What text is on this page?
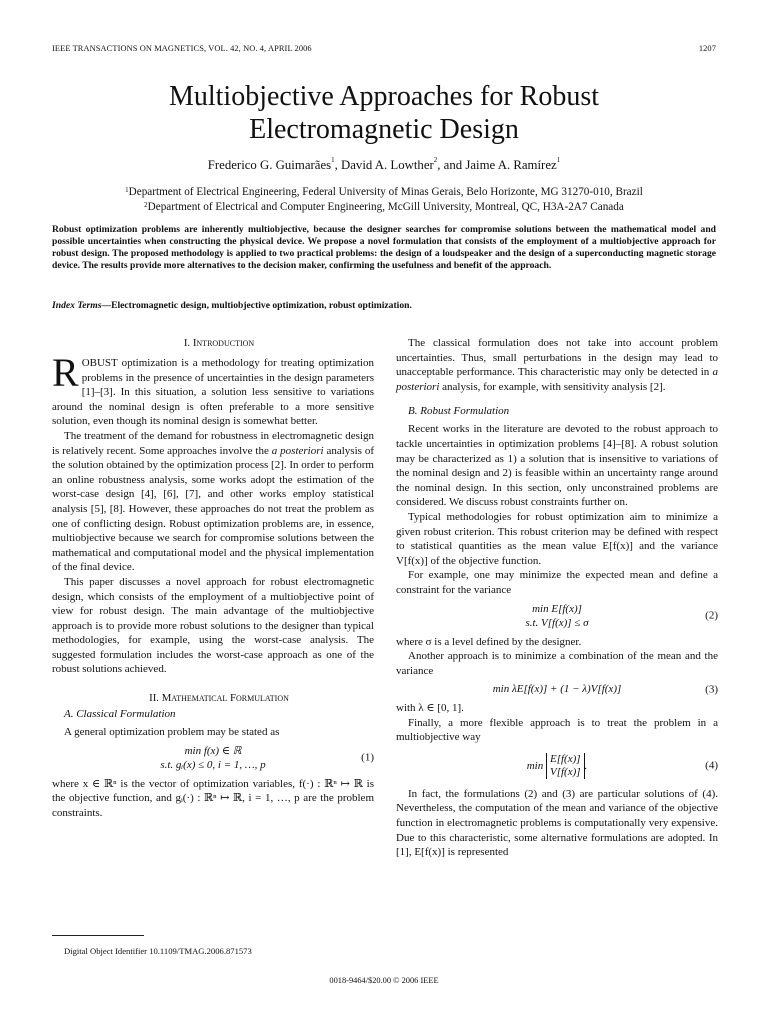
IEEE TRANSACTIONS ON MAGNETICS, VOL. 42, NO. 4, APRIL 2006	1207
Multiobjective Approaches for Robust
Electromagnetic Design
Frederico G. Guimarães$^1$, David A. Lowther$^2$, and Jaime A. Ramírez$^1$
$^1$Department of Electrical Engineering, Federal University of Minas Gerais, Belo Horizonte, MG 31270-010, Brazil
$^2$Department of Electrical and Computer Engineering, McGill University, Montreal, QC, H3A-2A7 Canada
Robust optimization problems are inherently multiobjective, because the designer searches for compromise solutions between the mathematical model and possible uncertainties when constructing the physical device. We propose a novel formulation that consists of the employment of a multiobjective approach for robust design. The proposed methodology is applied to two practical problems: the design of a loudspeaker and the design of a superconducting magnetic storage device. The results provide more alternatives to the decision maker, confirming the usefulness and benefit of the approach.
Index Terms—Electromagnetic design, multiobjective optimization, robust optimization.

I. Introduction

ROBUST optimization is a methodology for treating optimization problems in the presence of uncertainties in the design parameters [1]–[3]. In this situation, a solution less sensitive to variations around the nominal design is often preferable to a more sensitive solution, even though its nominal design is somewhat better.

The treatment of the demand for robustness in electromagnetic design is relatively recent. Some approaches involve the a posteriori analysis of the solution obtained by the optimization process [2]. In order to perform an online robustness analysis, some works adopt the estimation of the worst-case design [4], [6], [7], and other works employ statistical analysis [5], [8]. However, these approaches do not treat the problem as one of conflicting design. Robust optimization problems are, in essence, multiobjective because we search for compromise solutions between the mathematical and computational model and the physical implementation of the final device.

This paper discusses a novel approach for robust electromagnetic design, which consists of the employment of a multiobjective point of view for robust design. The main advantage of the multiobjective approach is to provide more robust solutions to the designer than typical methodologies, for example, using the worst-case analysis. The suggested formulation includes the worst-case approach as one of the robust solutions achieved.

II. Mathematical Formulation

A. Classical Formulation

A general optimization problem may be stated as

min f(x) ∈ ℝ
s.t. gᵢ(x) ≤ 0, i = 1, …, p
(1)

where x ∈ ℝⁿ is the vector of optimization variables, f(·) : ℝⁿ ↦ ℝ is the objective function, and gᵢ(·) : ℝⁿ ↦ ℝ, i = 1, …, p are the problem constraints.

The classical formulation does not take into account problem uncertainties. Thus, small perturbations in the design may lead to unacceptable performance. This characteristic may only be detected in a posteriori analysis, for example, with sensitivity analysis [2].

B. Robust Formulation

Recent works in the literature are devoted to the robust approach to tackle uncertainties in optimization problems [4]–[8]. A robust solution may be characterized as 1) a solution that is insensitive to variations of the nominal design and 2) is feasible within an uncertainty range around the nominal design. In this section, only unconstrained problems are considered. We discuss robust constraints further on.

Typical methodologies for robust optimization aim to minimize a given robust criterion. This robust criterion may be defined with respect to statistical quantities as the mean value E[f(x)] and the variance V[f(x)] of the objective function.

For example, one may minimize the expected mean and define a constraint for the variance

min E[f(x)]
s.t. V[f(x)] ≤ σ
(2)

where σ is a level defined by the designer.

Another approach is to minimize a combination of the mean and the variance

min λE[f(x)] + (1 − λ)V[f(x)]	(3)

with λ ∈ [0, 1].

Finally, a more flexible approach is to treat the problem in a multiobjective way

min
E[f(x)]
V[f(x)]
.	(4)

In fact, the formulations (2) and (3) are particular solutions of (4). Nevertheless, the computation of the mean and variance of the objective function in electromagnetic problems is computationally very expensive. Due to this characteristic, some alternative formulations are adopted. In [1], E[f(x)] is represented

Digital Object Identifier 10.1109/TMAG.2006.871573
0018-9464/$20.00 © 2006 IEEE
